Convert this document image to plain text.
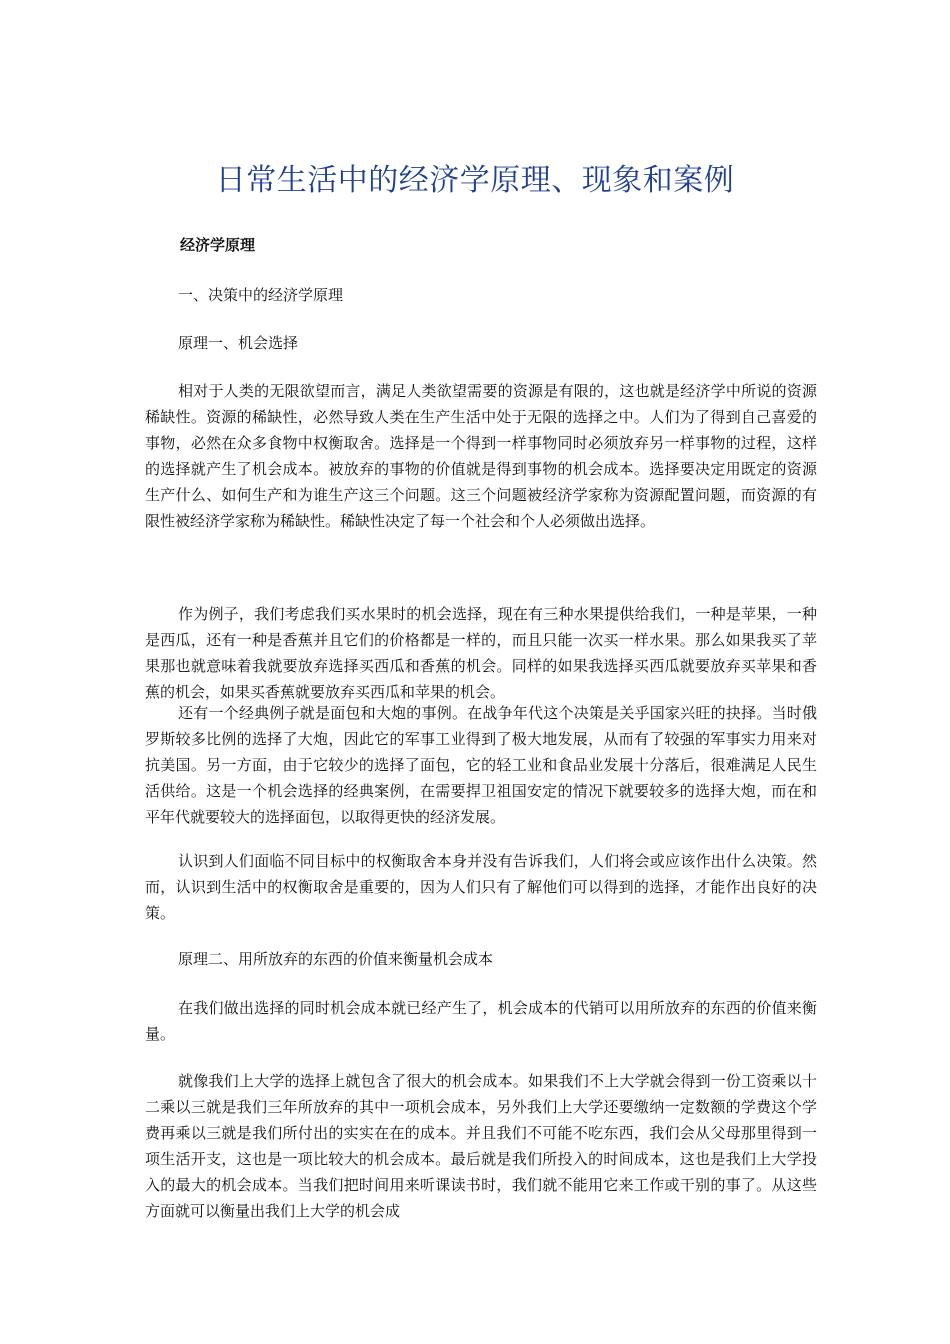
日常生活中的经济学原理、现象和案例
经济学原理

一、决策中的经济学原理

原理一、机会选择

相对于人类的无限欲望而言，满足人类欲望需要的资源是有限的，这也就是经济学中所说的资源稀缺性。资源的稀缺性，必然导致人类在生产生活中处于无限的选择之中。人们为了得到自己喜爱的事物，必然在众多食物中权衡取舍。选择是一个得到一样事物同时必须放弃另一样事物的过程，这样的选择就产生了机会成本。被放弃的事物的价值就是得到事物的机会成本。选择要决定用既定的资源生产什么、如何生产和为谁生产这三个问题。这三个问题被经济学家称为资源配置问题，而资源的有限性被经济学家称为稀缺性。稀缺性决定了每一个社会和个人必须做出选择。

作为例子，我们考虑我们买水果时的机会选择，现在有三种水果提供给我们，一种是苹果，一种是西瓜，还有一种是香蕉并且它们的价格都是一样的，而且只能一次买一样水果。那么如果我买了苹果那也就意味着我就要放弃选择买西瓜和香蕉的机会。同样的如果我选择买西瓜就要放弃买苹果和香蕉的机会，如果买香蕉就要放弃买西瓜和苹果的机会。

还有一个经典例子就是面包和大炮的事例。在战争年代这个决策是关乎国家兴旺的抉择。当时俄罗斯较多比例的选择了大炮，因此它的军事工业得到了极大地发展，从而有了较强的军事实力用来对抗美国。另一方面，由于它较少的选择了面包，它的轻工业和食品业发展十分落后，很难满足人民生活供给。这是一个机会选择的经典案例，在需要捍卫祖国安定的情况下就要较多的选择大炮，而在和平年代就要较大的选择面包，以取得更快的经济发展。

认识到人们面临不同目标中的权衡取舍本身并没有告诉我们，人们将会或应该作出什么决策。然而，认识到生活中的权衡取舍是重要的，因为人们只有了解他们可以得到的选择，才能作出良好的决策。

原理二、用所放弃的东西的价值来衡量机会成本

在我们做出选择的同时机会成本就已经产生了，机会成本的代销可以用所放弃的东西的价值来衡量。

就像我们上大学的选择上就包含了很大的机会成本。如果我们不上大学就会得到一份工资乘以十二乘以三就是我们三年所放弃的其中一项机会成本，另外我们上大学还要缴纳一定数额的学费这个学费再乘以三就是我们所付出的实实在在的成本。并且我们不可能不吃东西，我们会从父母那里得到一项生活开支，这也是一项比较大的机会成本。最后就是我们所投入的时间成本，这也是我们上大学投入的最大的机会成本。当我们把时间用来听课读书时，我们就不能用它来工作或干别的事了。从这些方面就可以衡量出我们上大学的机会成
